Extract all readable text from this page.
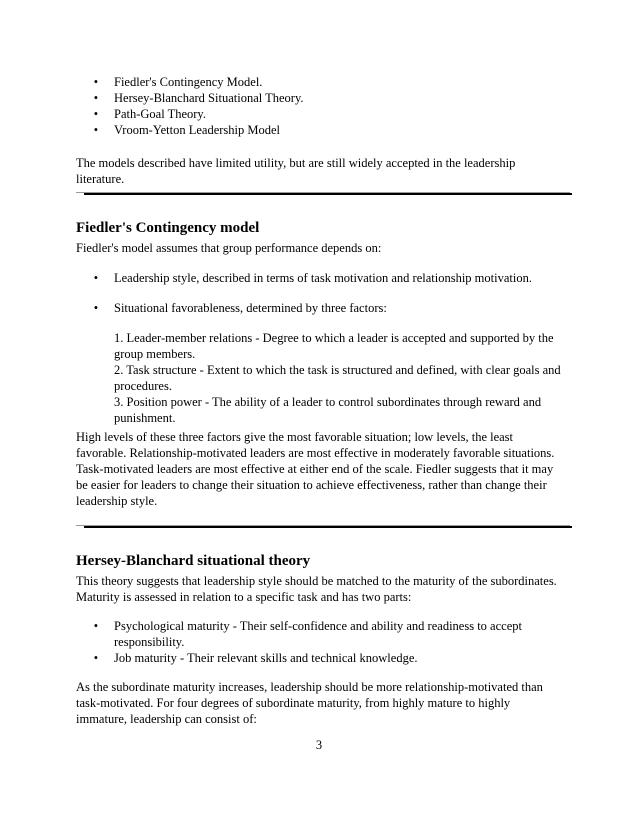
• Fiedler's Contingency Model.
• Hersey-Blanchard Situational Theory.
• Path-Goal Theory.
• Vroom-Yetton Leadership Model

The models described have limited utility, but are still widely accepted in the leadership literature.

Fiedler's Contingency model

Fiedler's model assumes that group performance depends on:

• Leadership style, described in terms of task motivation and relationship motivation.
• Situational favorableness, determined by three factors:

1. Leader-member relations - Degree to which a leader is accepted and supported by the group members.

2. Task structure - Extent to which the task is structured and defined, with clear goals and procedures.

3. Position power - The ability of a leader to control subordinates through reward and punishment.

High levels of these three factors give the most favorable situation; low levels, the least favorable. Relationship-motivated leaders are most effective in moderately favorable situations. Task-motivated leaders are most effective at either end of the scale. Fiedler suggests that it may be easier for leaders to change their situation to achieve effectiveness, rather than change their leadership style.

Hersey-Blanchard situational theory

This theory suggests that leadership style should be matched to the maturity of the subordinates. Maturity is assessed in relation to a specific task and has two parts:

• Psychological maturity - Their self-confidence and ability and readiness to accept responsibility.
• Job maturity - Their relevant skills and technical knowledge.

As the subordinate maturity increases, leadership should be more relationship-motivated than task-motivated. For four degrees of subordinate maturity, from highly mature to highly immature, leadership can consist of:

3
